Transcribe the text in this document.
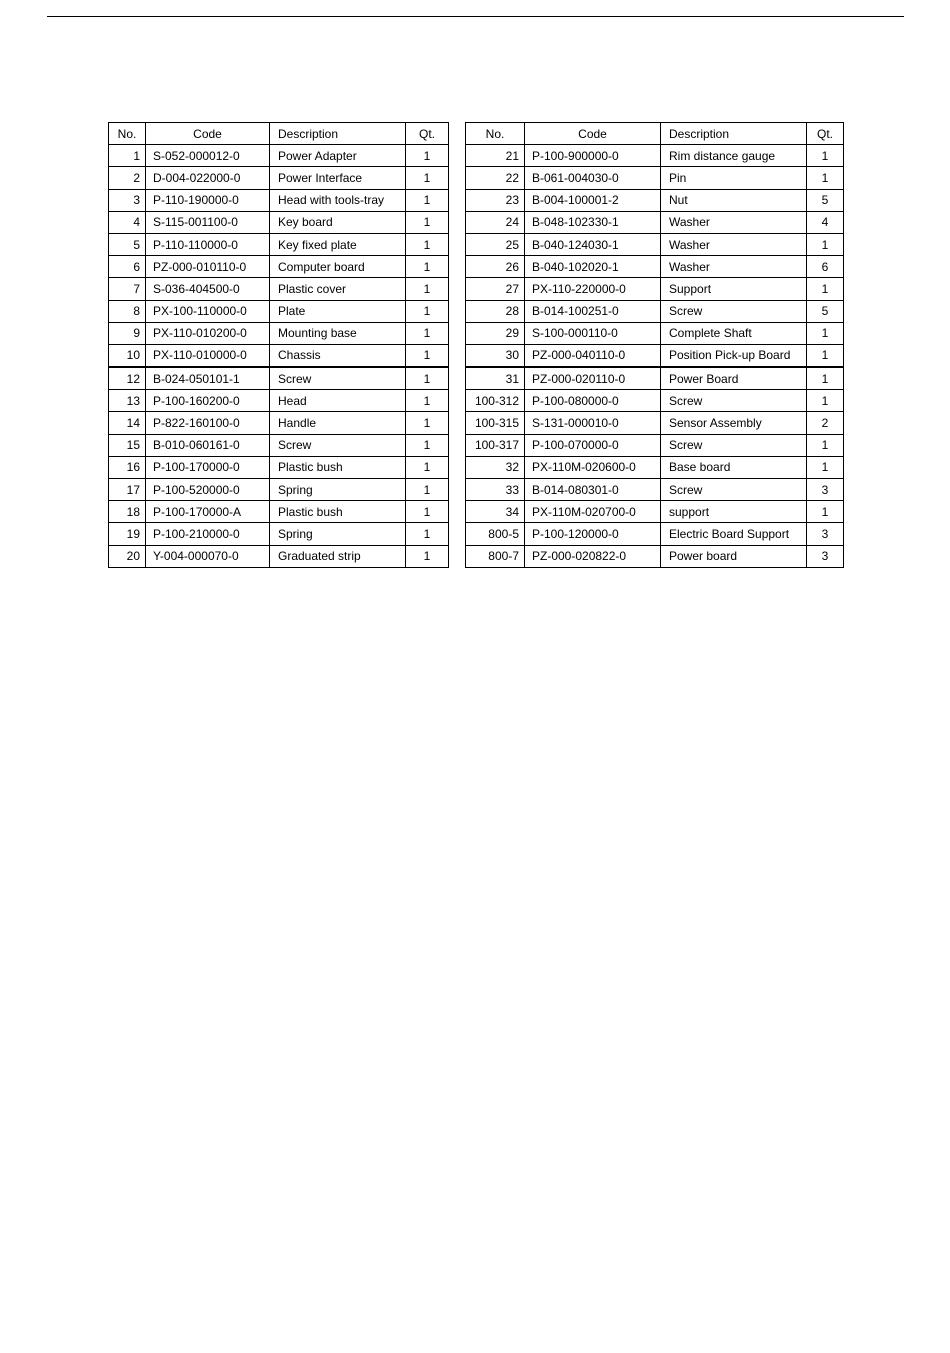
No.	Code	Description	Qt.		No.	Code	Description	Qt.
1	S-052-000012-0	Power Adapter	1		21	P-100-900000-0	Rim distance gauge	1
2	D-004-022000-0	Power Interface	1		22	B-061-004030-0	Pin	1
3	P-110-190000-0	Head with tools-tray	1		23	B-004-100001-2	Nut	5
4	S-115-001100-0	Key board	1		24	B-048-102330-1	Washer	4
5	P-110-110000-0	Key fixed plate	1		25	B-040-124030-1	Washer	1
6	PZ-000-010110-0	Computer board	1		26	B-040-102020-1	Washer	6
7	S-036-404500-0	Plastic cover	1		27	PX-110-220000-0	Support	1
8	PX-100-110000-0	Plate	1		28	B-014-100251-0	Screw	5
9	PX-110-010200-0	Mounting base	1		29	S-100-000110-0	Complete Shaft	1
10	PX-110-010000-0	Chassis	1		30	PZ-000-040110-0	Position Pick-up Board	1
12	B-024-050101-1	Screw	1		31	PZ-000-020110-0	Power Board	1
13	P-100-160200-0	Head	1		100-312	P-100-080000-0	Screw	1
14	P-822-160100-0	Handle	1		100-315	S-131-000010-0	Sensor Assembly	2
15	B-010-060161-0	Screw	1		100-317	P-100-070000-0	Screw	1
16	P-100-170000-0	Plastic bush	1		32	PX-110M-020600-0	Base board	1
17	P-100-520000-0	Spring	1		33	B-014-080301-0	Screw	3
18	P-100-170000-A	Plastic bush	1		34	PX-110M-020700-0	support	1
19	P-100-210000-0	Spring	1		800-5	P-100-120000-0	Electric Board Support	3
20	Y-004-000070-0	Graduated strip	1		800-7	PZ-000-020822-0	Power board	3
